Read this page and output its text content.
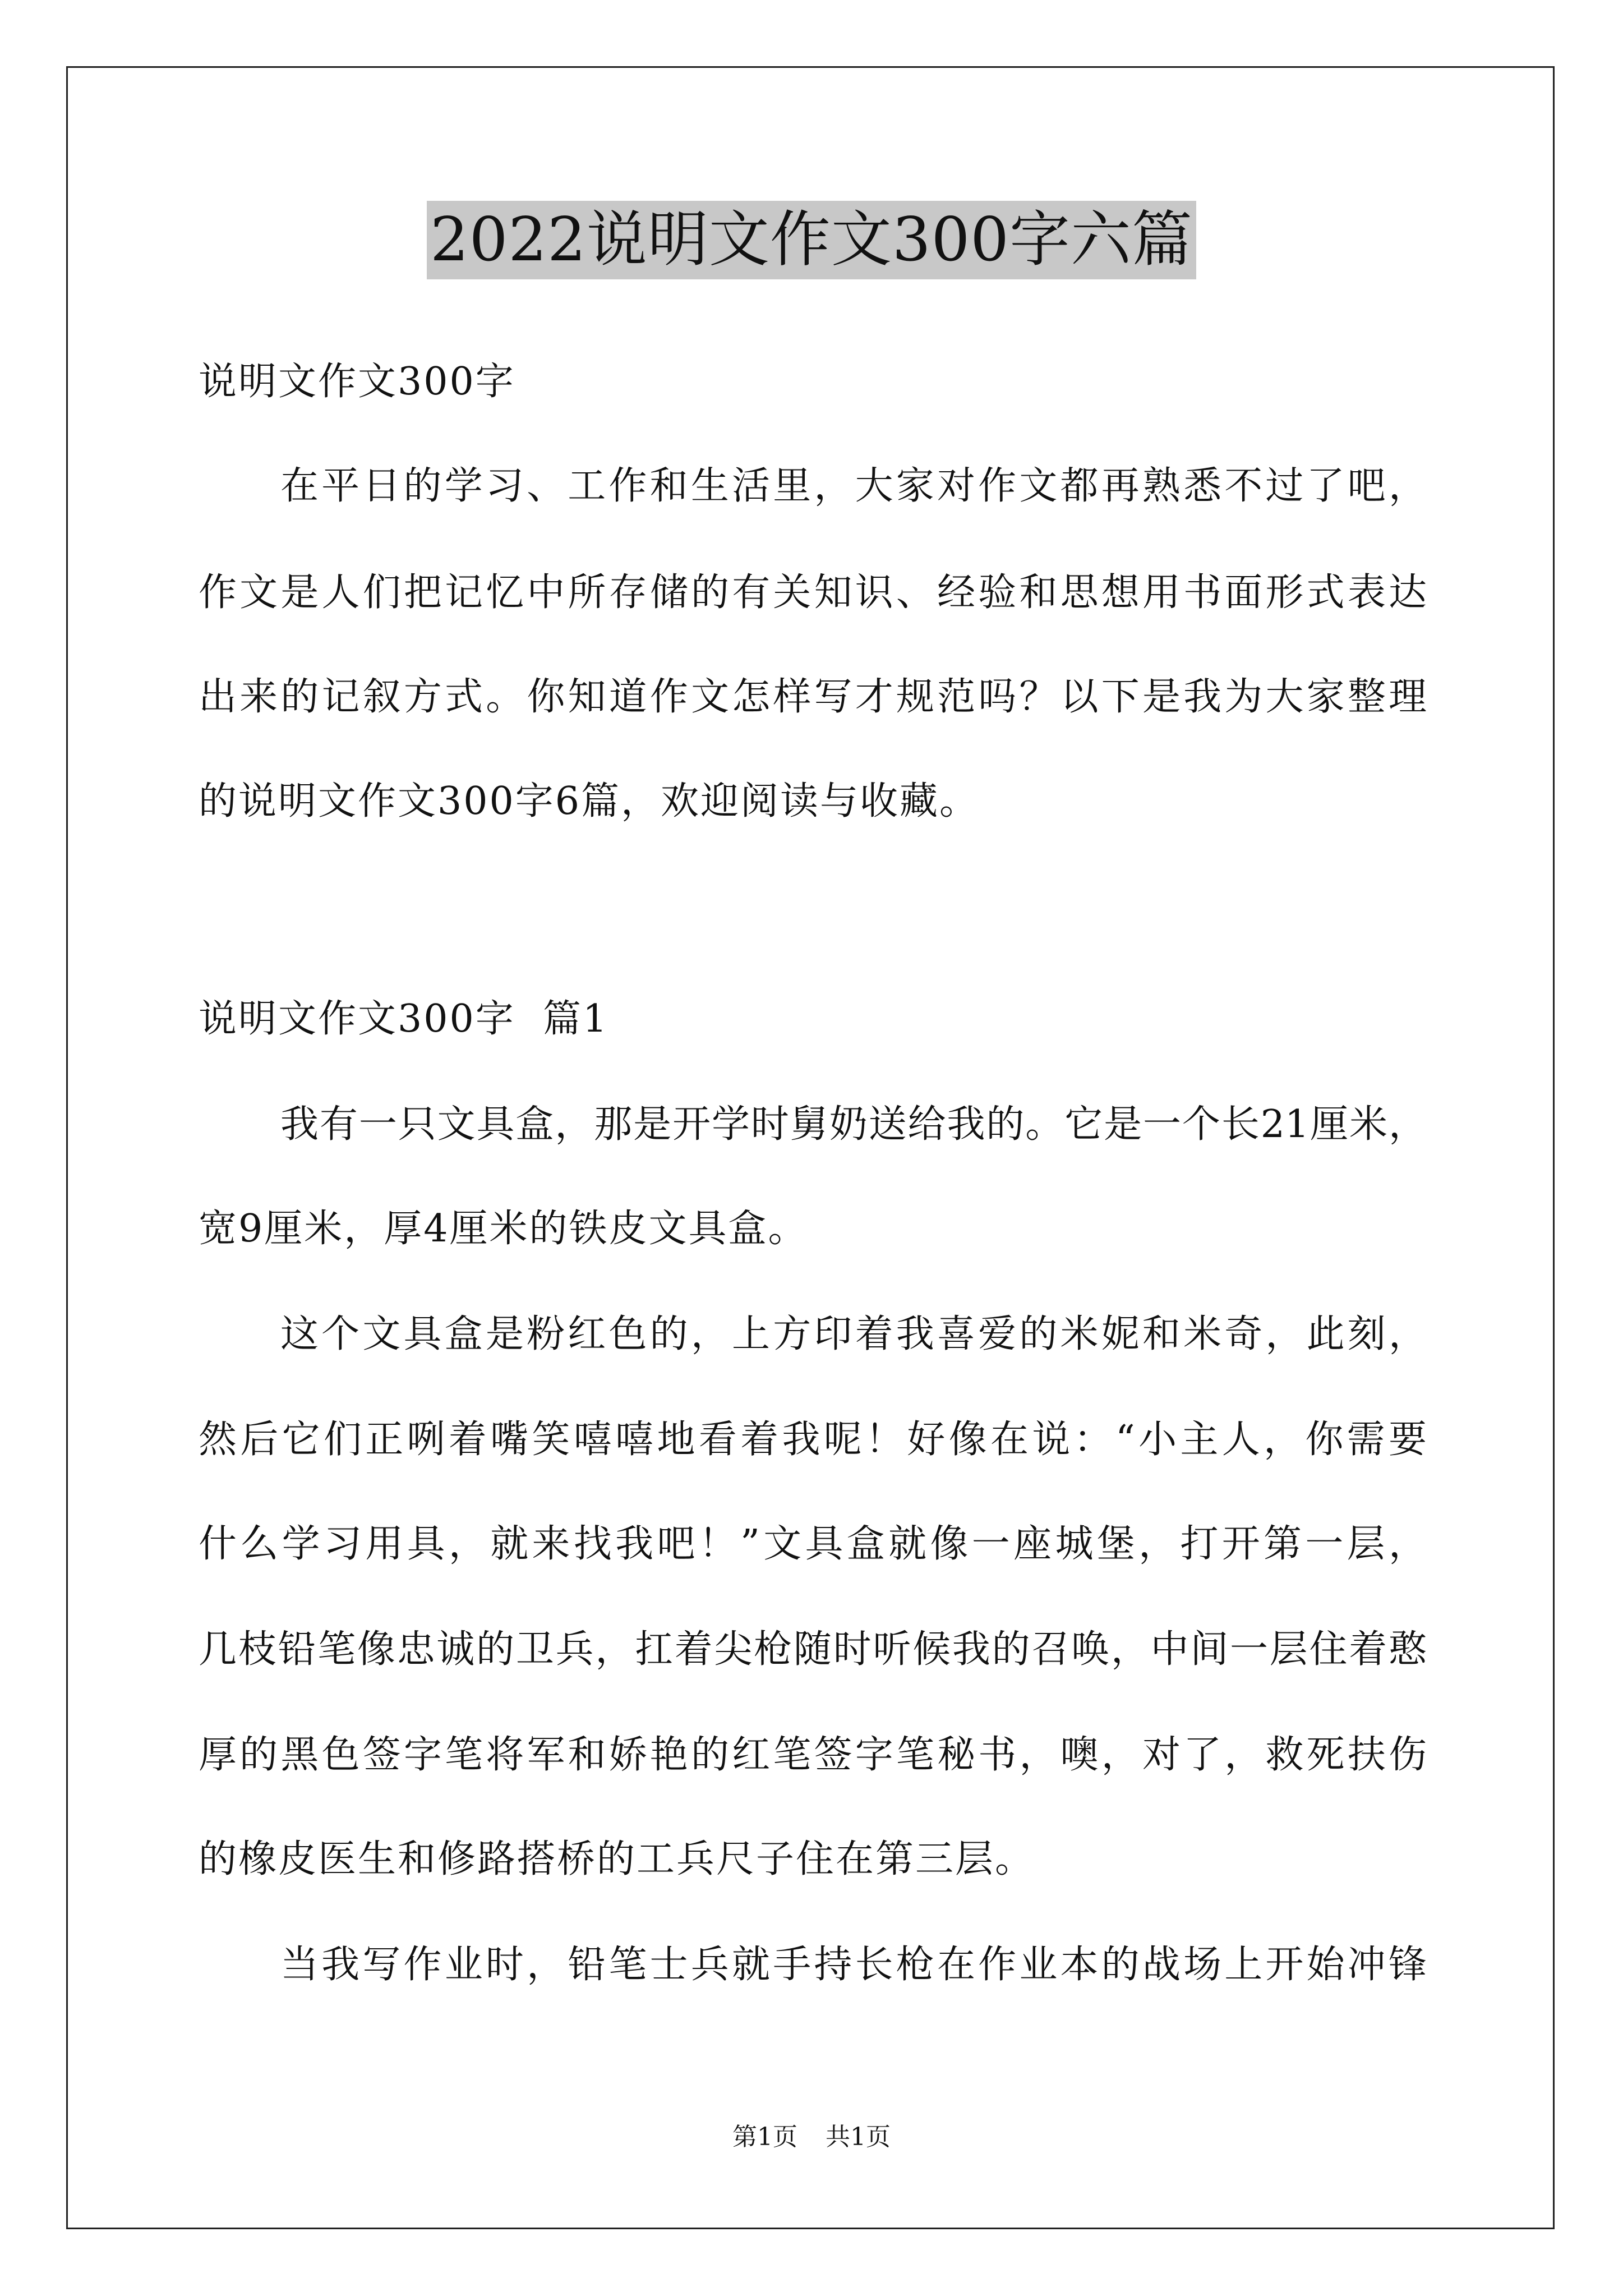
2022说明文作文300字六篇
说明文作文300字
在平日的学习、工作和生活里，大家对作文都再熟悉不过了吧，
作文是人们把记忆中所存储的有关知识、经验和思想用书面形式表达
出来的记叙方式。你知道作文怎样写才规范吗？以下是我为大家整理
的说明文作文300字6篇，欢迎阅读与收藏。
说明文作文300字  篇1
我有一只文具盒，那是开学时舅奶送给我的。它是一个长21厘米，
宽9厘米，厚4厘米的铁皮文具盒。
这个文具盒是粉红色的，上方印着我喜爱的米妮和米奇，此刻，
然后它们正咧着嘴笑嘻嘻地看着我呢！好像在说：“小主人，你需要
什么学习用具，就来找我吧！”文具盒就像一座城堡，打开第一层，
几枝铅笔像忠诚的卫兵，扛着尖枪随时听候我的召唤，中间一层住着憨
厚的黑色签字笔将军和娇艳的红笔签字笔秘书，噢，对了，救死扶伤
的橡皮医生和修路搭桥的工兵尺子住在第三层。
当我写作业时，铅笔士兵就手持长枪在作业本的战场上开始冲锋
第1页 共1页
